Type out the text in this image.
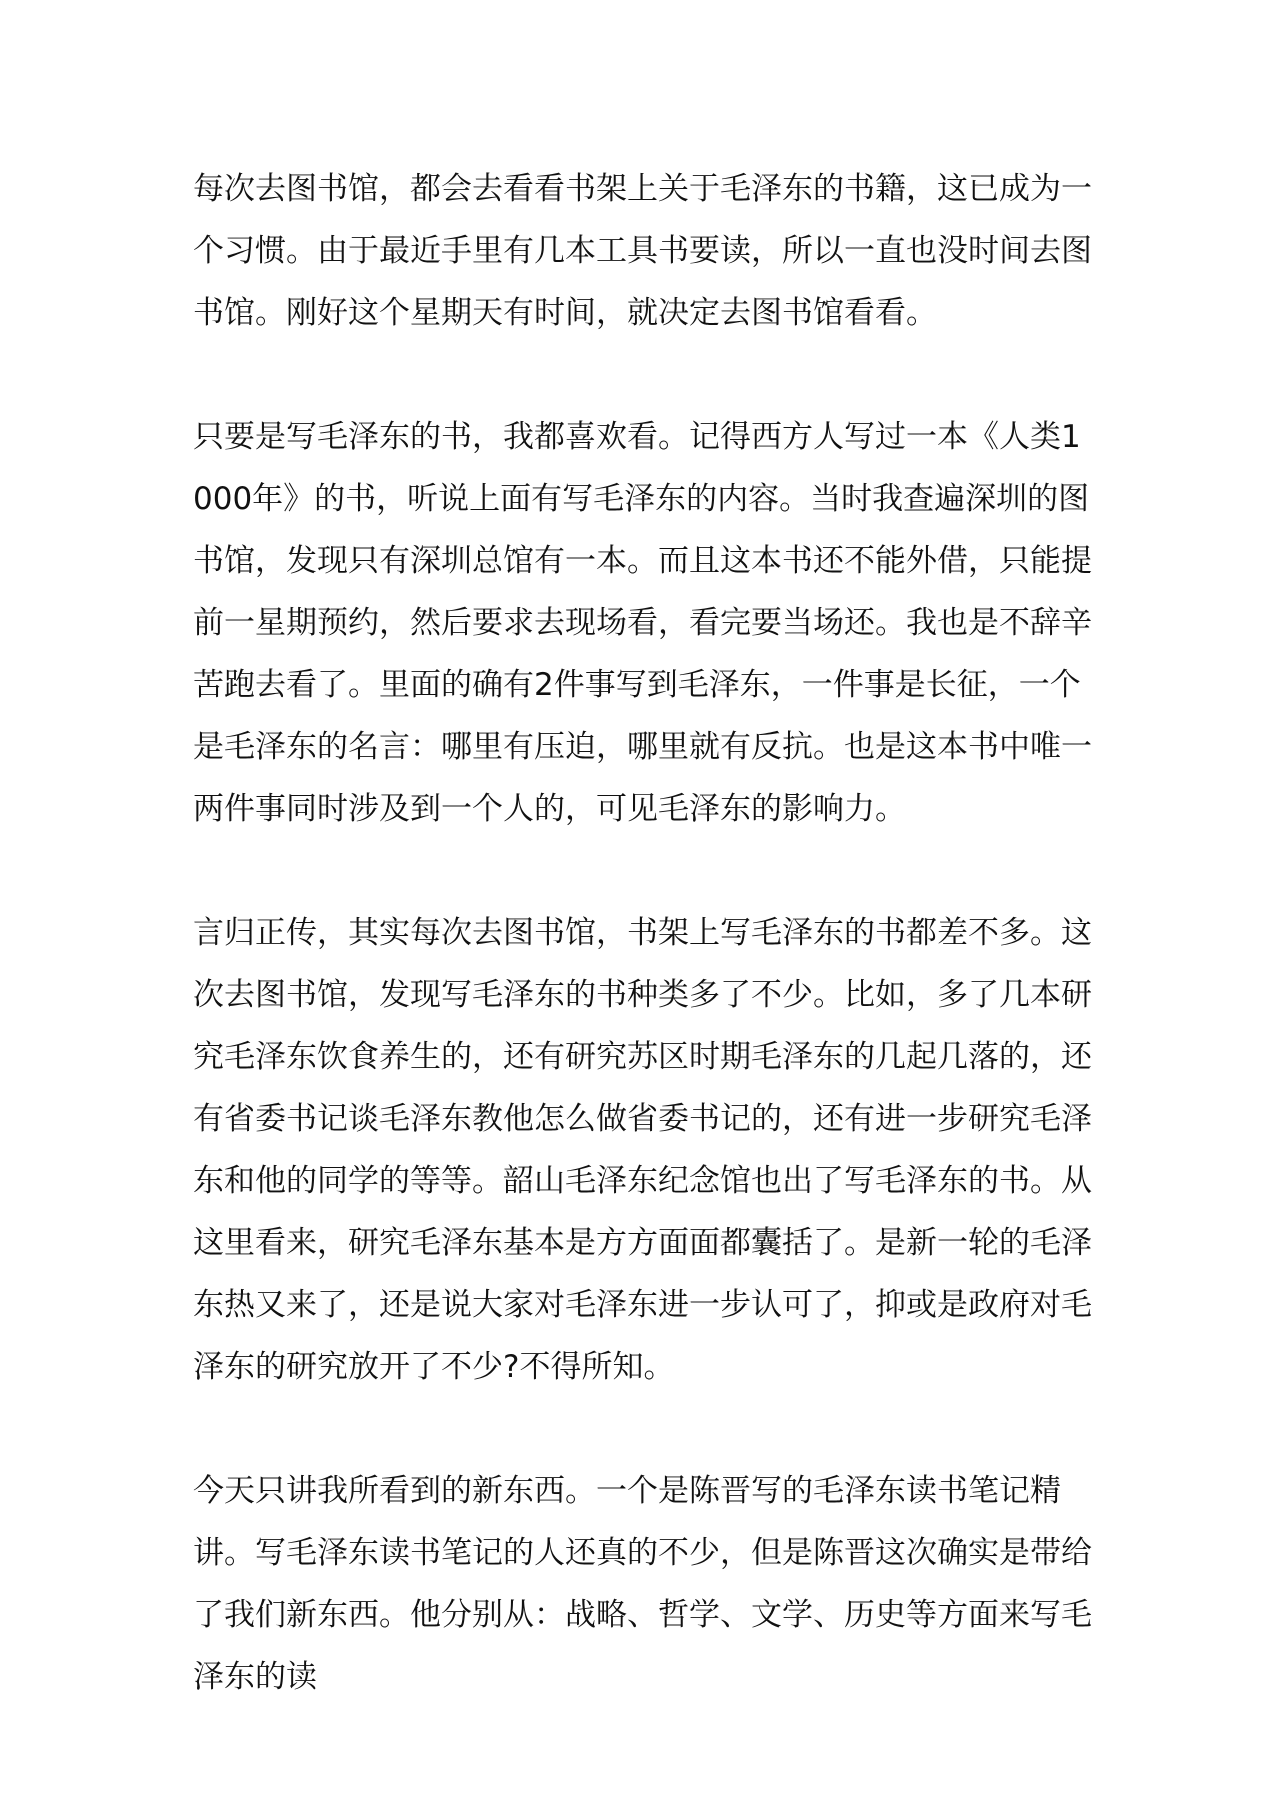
每次去图书馆，都会去看看书架上关于毛泽东的书籍，这已成为一个习惯。由于最近手里有几本工具书要读，所以一直也没时间去图书馆。刚好这个星期天有时间，就决定去图书馆看看。

只要是写毛泽东的书，我都喜欢看。记得西方人写过一本《人类1000年》的书，听说上面有写毛泽东的内容。当时我查遍深圳的图书馆，发现只有深圳总馆有一本。而且这本书还不能外借，只能提前一星期预约，然后要求去现场看，看完要当场还。我也是不辞辛苦跑去看了。里面的确有2件事写到毛泽东，一件事是长征，一个是毛泽东的名言：哪里有压迫，哪里就有反抗。也是这本书中唯一两件事同时涉及到一个人的，可见毛泽东的影响力。

言归正传，其实每次去图书馆，书架上写毛泽东的书都差不多。这次去图书馆，发现写毛泽东的书种类多了不少。比如，多了几本研究毛泽东饮食养生的，还有研究苏区时期毛泽东的几起几落的，还有省委书记谈毛泽东教他怎么做省委书记的，还有进一步研究毛泽东和他的同学的等等。韶山毛泽东纪念馆也出了写毛泽东的书。从这里看来，研究毛泽东基本是方方面面都囊括了。是新一轮的毛泽东热又来了，还是说大家对毛泽东进一步认可了，抑或是政府对毛泽东的研究放开了不少?不得所知。

今天只讲我所看到的新东西。一个是陈晋写的毛泽东读书笔记精讲。写毛泽东读书笔记的人还真的不少，但是陈晋这次确实是带给了我们新东西。他分别从：战略、哲学、文学、历史等方面来写毛泽东的读
